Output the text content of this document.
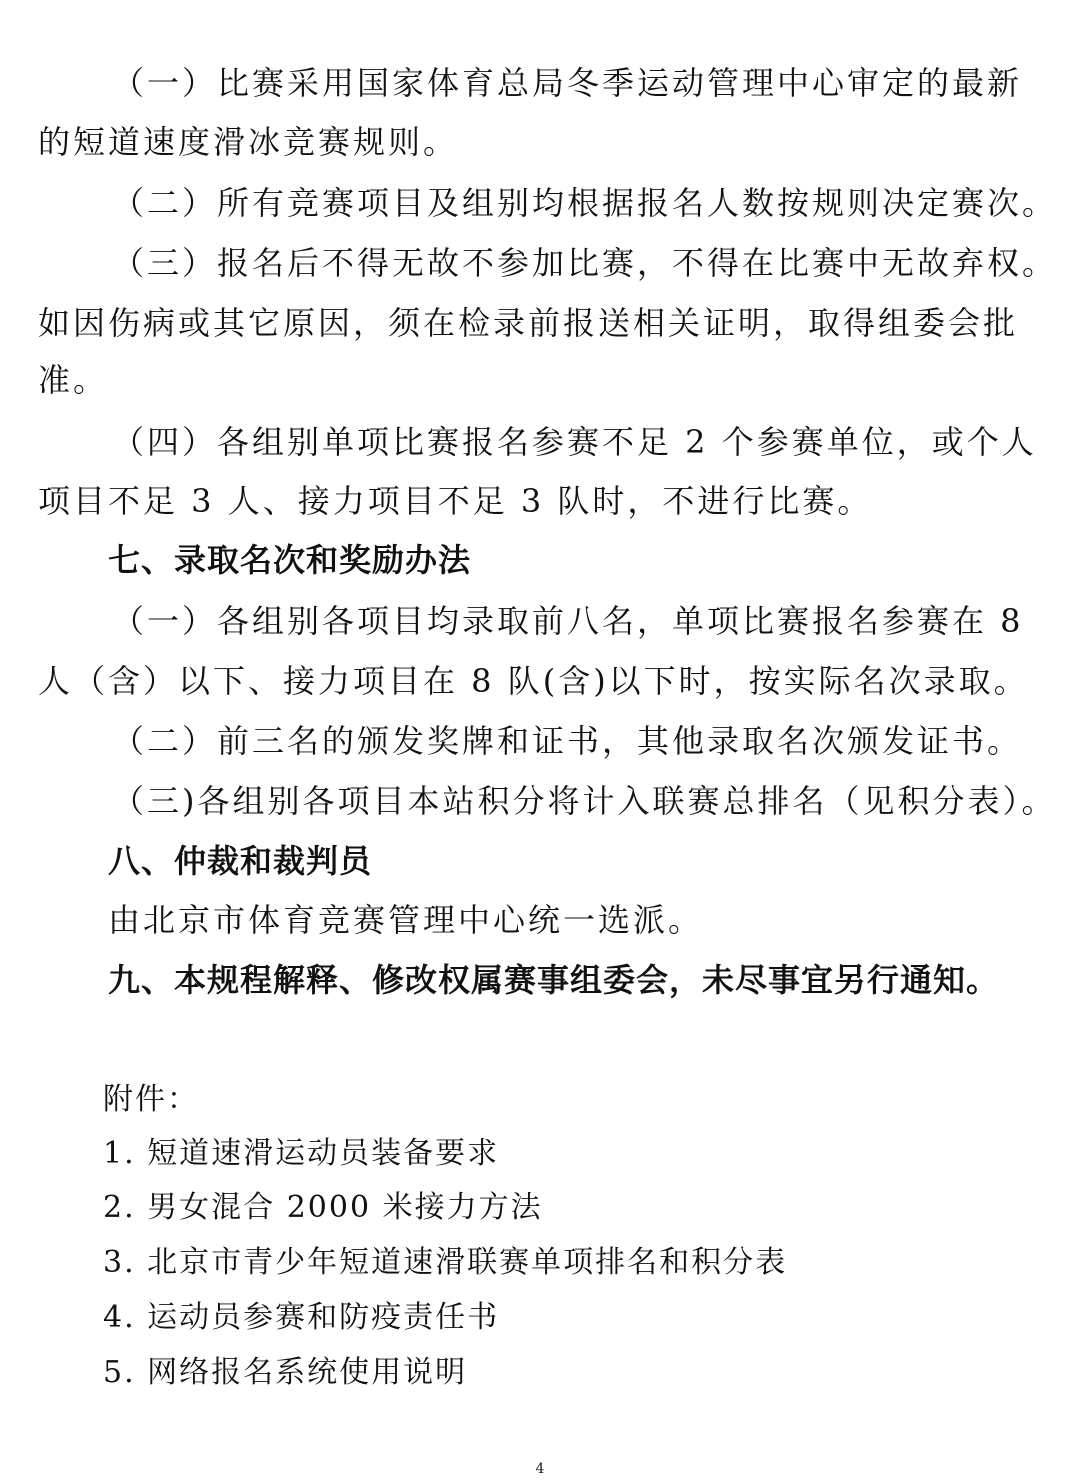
（一）比赛采用国家体育总局冬季运动管理中心审定的最新
的短道速度滑冰竞赛规则。
（二）所有竞赛项目及组别均根据报名人数按规则决定赛次。
（三）报名后不得无故不参加比赛，不得在比赛中无故弃权。
如因伤病或其它原因，须在检录前报送相关证明，取得组委会批
准。
（四）各组别单项比赛报名参赛不足 2 个参赛单位，或个人
项目不足 3 人、接力项目不足 3 队时，不进行比赛。
七、录取名次和奖励办法
（一）各组别各项目均录取前八名，单项比赛报名参赛在 8
人（含）以下、接力项目在 8 队(含)以下时，按实际名次录取。
（二）前三名的颁发奖牌和证书，其他录取名次颁发证书。
（三)各组别各项目本站积分将计入联赛总排名（见积分表）。
八、仲裁和裁判员
由北京市体育竞赛管理中心统一选派。
九、本规程解释、修改权属赛事组委会，未尽事宜另行通知。
附件：
1. 短道速滑运动员装备要求
2. 男女混合 2000 米接力方法
3. 北京市青少年短道速滑联赛单项排名和积分表
4. 运动员参赛和防疫责任书
5. 网络报名系统使用说明
4
